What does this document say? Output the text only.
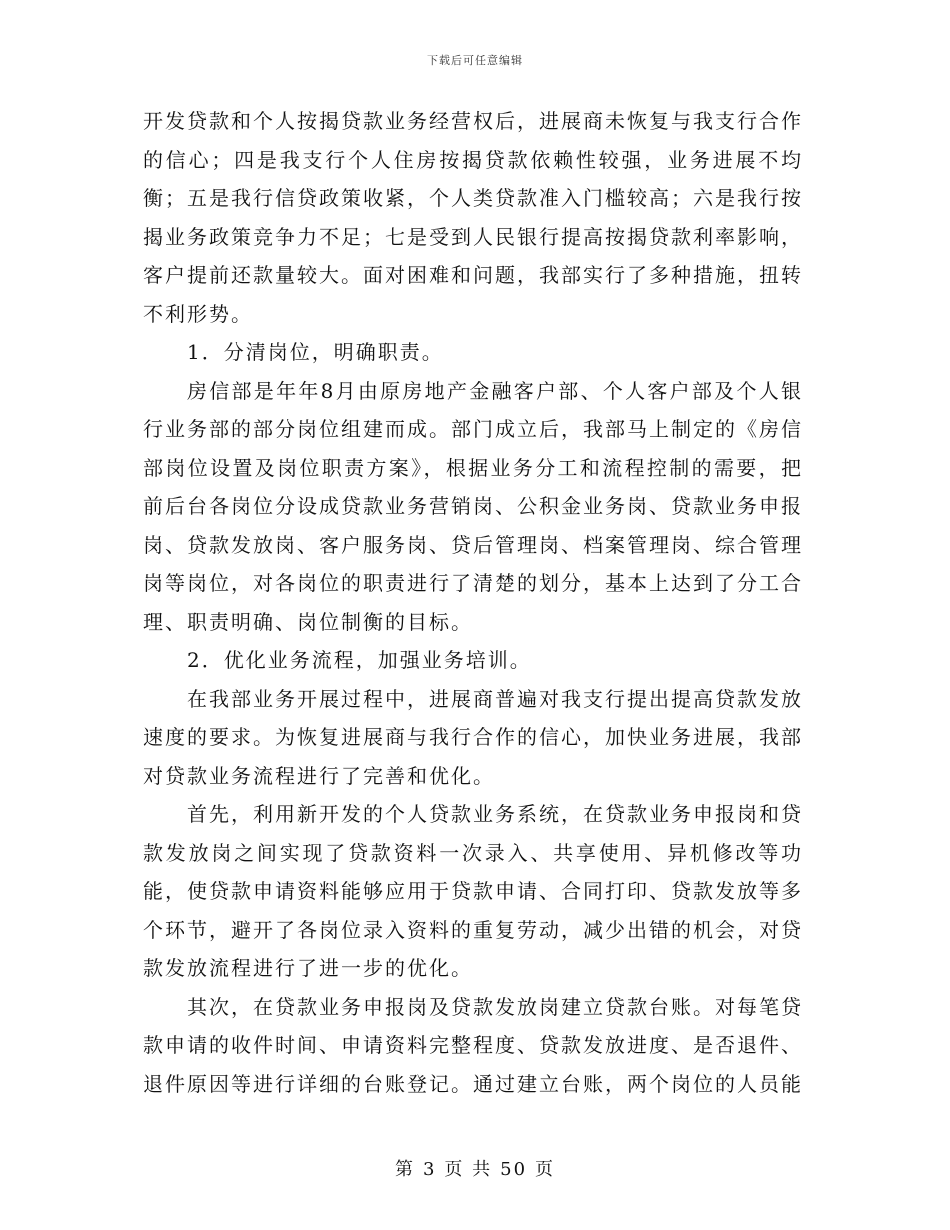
下载后可任意编辑

开发贷款和个人按揭贷款业务经营权后，进展商未恢复与我支行合作的信心；四是我支行个人住房按揭贷款依赖性较强，业务进展不均衡；五是我行信贷政策收紧，个人类贷款准入门槛较高；六是我行按揭业务政策竞争力不足；七是受到人民银行提高按揭贷款利率影响，客户提前还款量较大。面对困难和问题，我部实行了多种措施，扭转不利形势。

1．分清岗位，明确职责。

房信部是年年8月由原房地产金融客户部、个人客户部及个人银行业务部的部分岗位组建而成。部门成立后，我部马上制定的《房信部岗位设置及岗位职责方案》，根据业务分工和流程控制的需要，把前后台各岗位分设成贷款业务营销岗、公积金业务岗、贷款业务申报岗、贷款发放岗、客户服务岗、贷后管理岗、档案管理岗、综合管理岗等岗位，对各岗位的职责进行了清楚的划分，基本上达到了分工合理、职责明确、岗位制衡的目标。

2．优化业务流程，加强业务培训。

在我部业务开展过程中，进展商普遍对我支行提出提高贷款发放速度的要求。为恢复进展商与我行合作的信心，加快业务进展，我部对贷款业务流程进行了完善和优化。

首先，利用新开发的个人贷款业务系统，在贷款业务申报岗和贷款发放岗之间实现了贷款资料一次录入、共享使用、异机修改等功能，使贷款申请资料能够应用于贷款申请、合同打印、贷款发放等多个环节，避开了各岗位录入资料的重复劳动，减少出错的机会，对贷款发放流程进行了进一步的优化。

其次，在贷款业务申报岗及贷款发放岗建立贷款台账。对每笔贷款申请的收件时间、申请资料完整程度、贷款发放进度、是否退件、退件原因等进行详细的台账登记。通过建立台账，两个岗位的人员能

第 3 页 共 50 页
